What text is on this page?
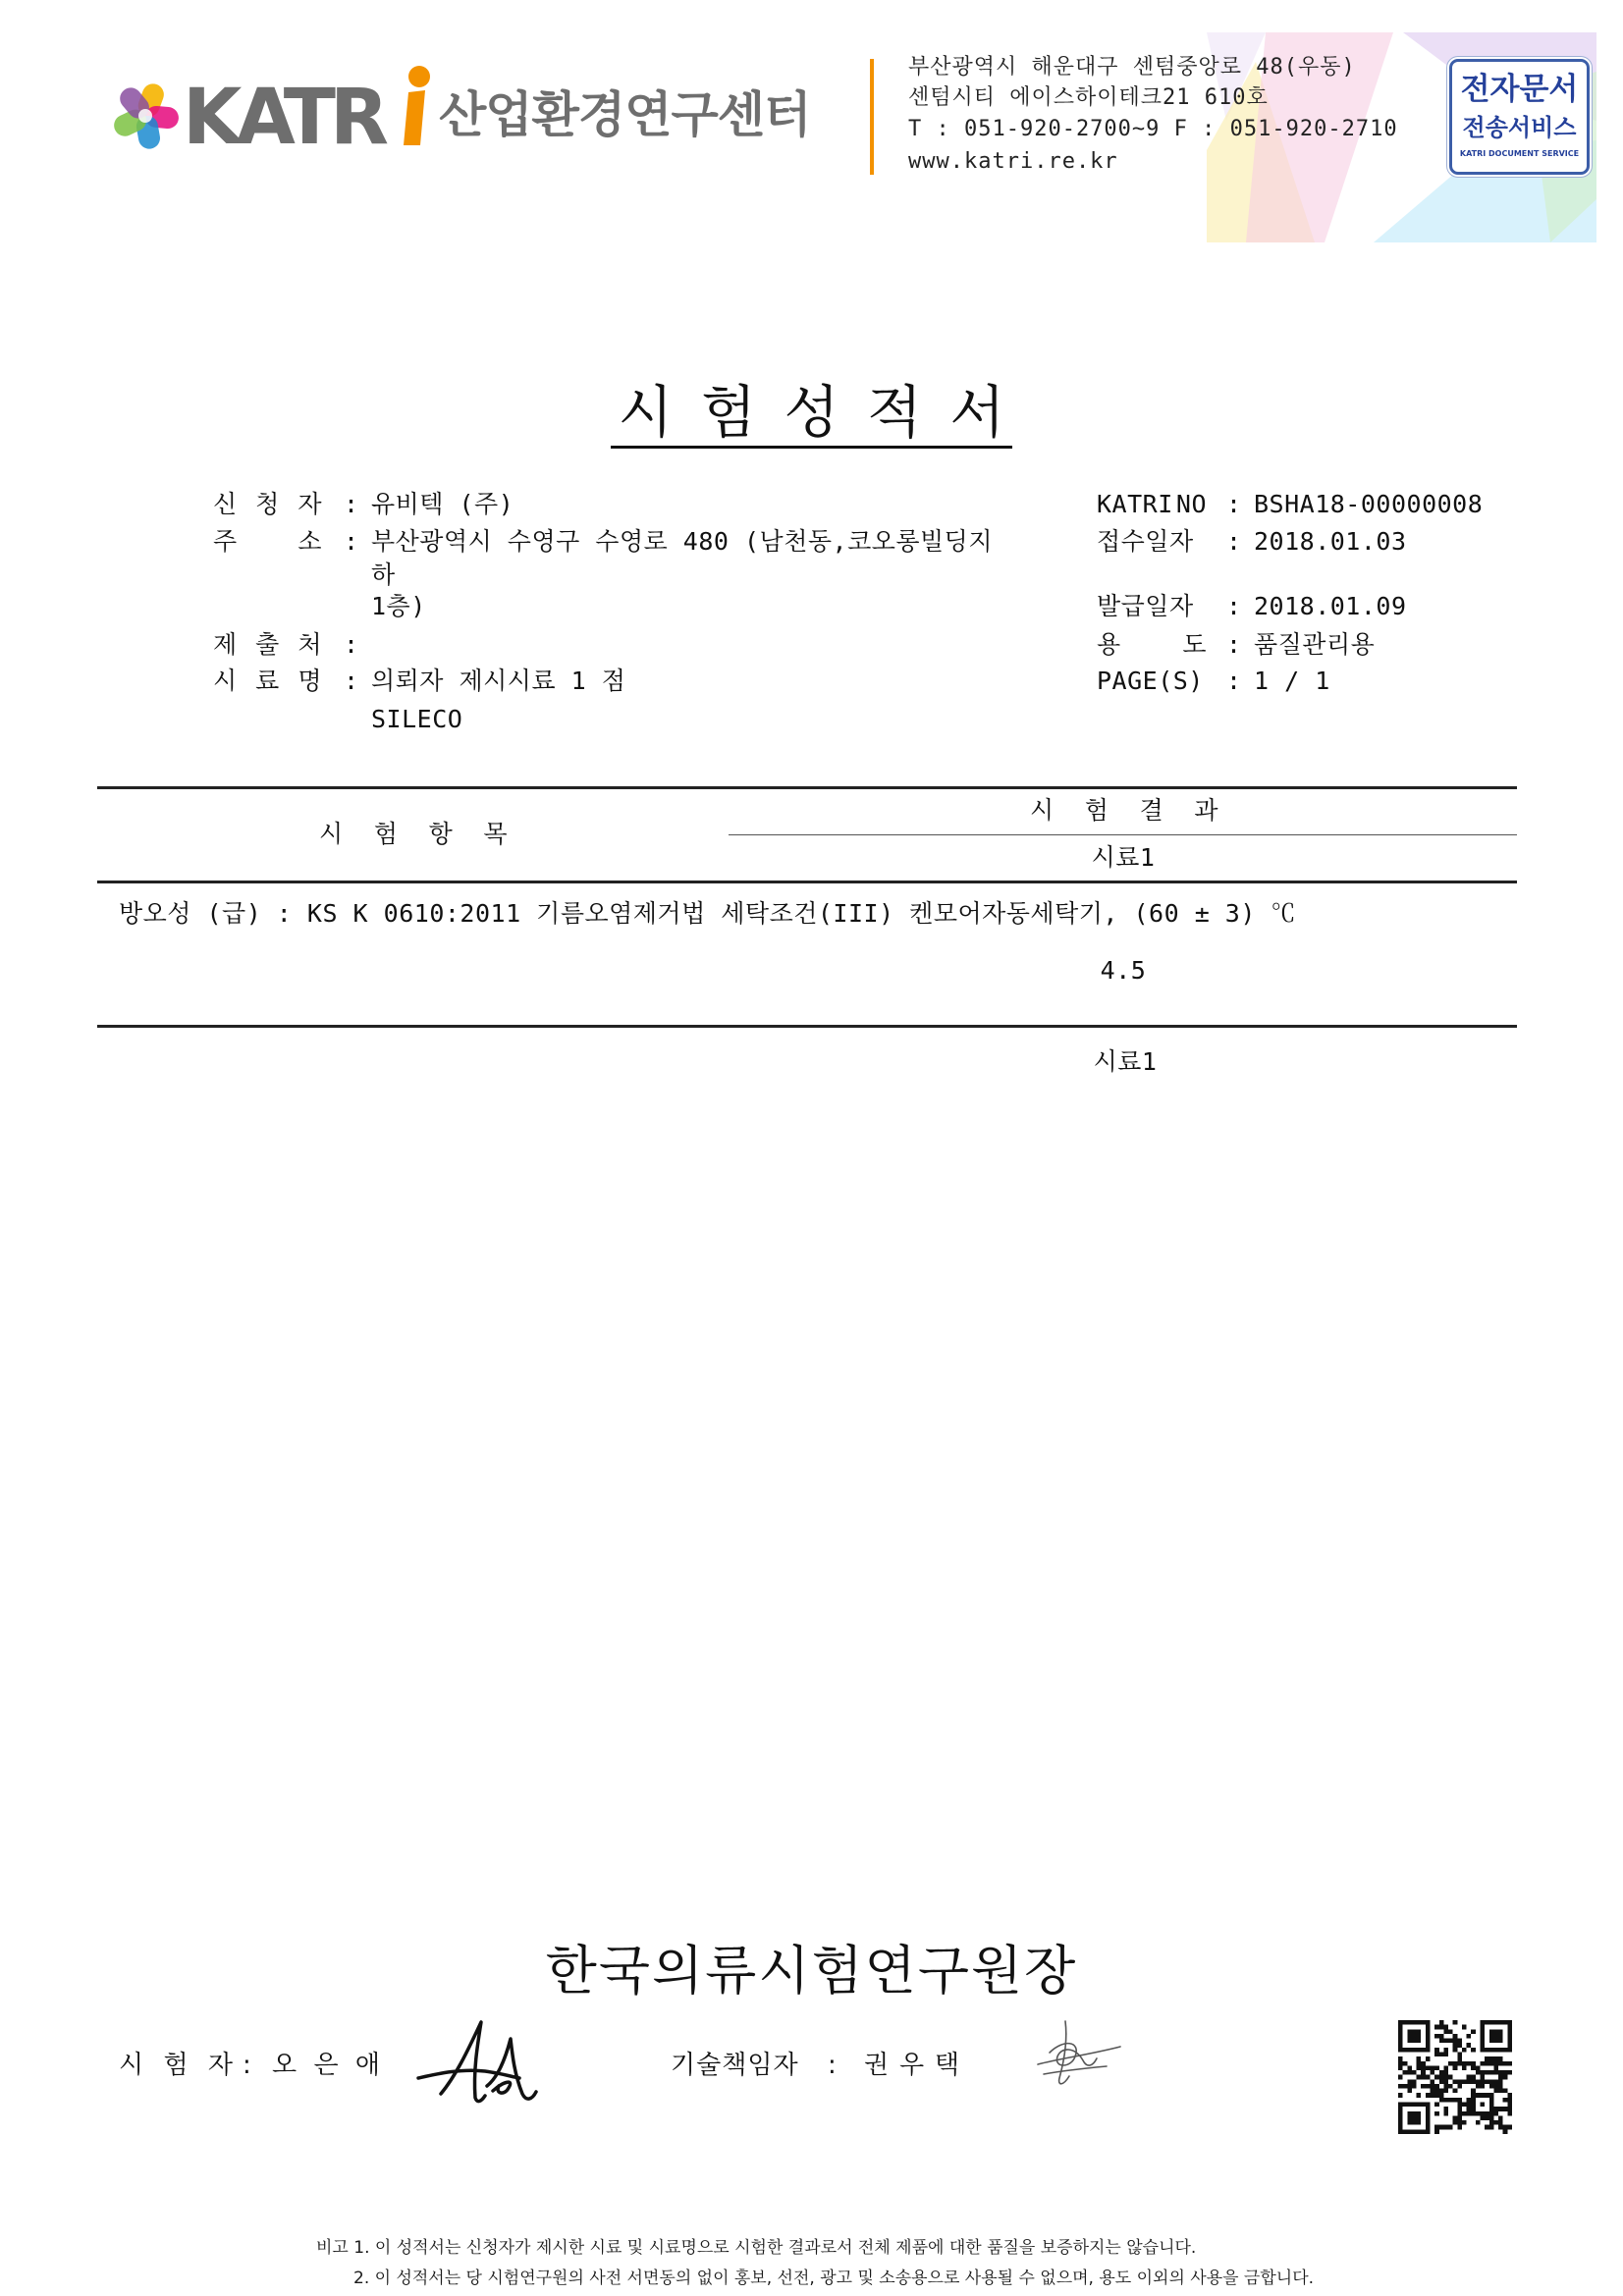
KATR 산업환경연구센터
부산광역시 해운대구 센텀중앙로 48(우동)
센텀시티 에이스하이테크21 610호
T : 051-920-2700~9 F : 051-920-2710
www.katri.re.kr
전자문서
전송서비스
KATRI DOCUMENT SERVICE
시 험 성 적 서
신 청 자 : 유비텍 (주)
주 소 : 부산광역시 수영구 수영로 480 (남천동,코오롱빌딩지
하
1층)
제 출 처 :
시 료 명 : 의뢰자 제시시료 1 점
SILECO
KATRI NO : BSHA18-00000008
접수일자 : 2018.01.03
발급일자 : 2018.01.09
용	도 : 품질관리용
PAGE(S) : 1 / 1
시 험 항 목
시 험 결 과
시료1
방오성 (급) : KS K 0610:2011 기름오염제거법 세탁조건(III) 켄모어자동세탁기, (60 ± 3) ℃
4.5
시료1
한국의류시험연구원장
시 험 자 : 오 은 애	기술책임자 : 권 우 택
비고 1. 이 성적서는 신청자가 제시한 시료 및 시료명으로 시험한 결과로서 전체 제품에 대한 품질을 보증하지는 않습니다.
2. 이 성적서는 당 시험연구원의 사전 서면동의 없이 홍보, 선전, 광고 및 소송용으로 사용될 수 없으며, 용도 이외의 사용을 금합니다.
